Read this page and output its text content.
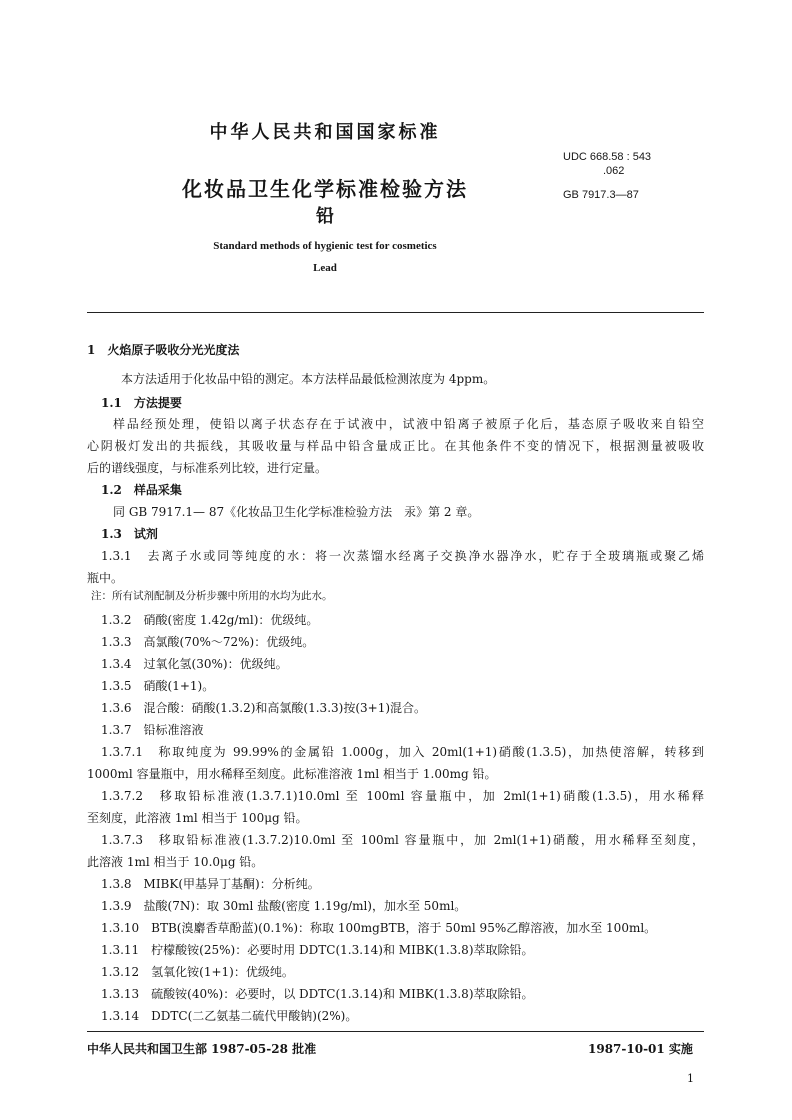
中华人民共和国国家标准
化妆品卫生化学标准检验方法
铅
Standard methods of hygienic test for cosmetics
Lead
UDC 668.58 : 543
.062
GB 7917.3—87
1　火焰原子吸收分光光度法
本方法适用于化妆品中铅的测定。本方法样品最低检测浓度为 4ppm。
1.1　方法提要
样品经预处理，使铅以离子状态存在于试液中，试液中铅离子被原子化后，基态原子吸收来自铅空
心阴极灯发出的共振线，其吸收量与样品中铅含量成正比。在其他条件不变的情况下，根据测量被吸收
后的谱线强度，与标准系列比较，进行定量。
1.2　样品采集
同 GB 7917.1— 87《化妆品卫生化学标准检验方法　汞》第 2 章。
1.3　试剂
1.3.1　去离子水或同等纯度的水：将一次蒸馏水经离子交换净水器净水，贮存于全玻璃瓶或聚乙烯
瓶中。
注：所有试剂配制及分析步骤中所用的水均为此水。
1.3.2　硝酸(密度 1.42g/ml)：优级纯。
1.3.3　高氯酸(70%～72%)：优级纯。
1.3.4　过氧化氢(30%)：优级纯。
1.3.5　硝酸(1+1)。
1.3.6　混合酸：硝酸(1.3.2)和高氯酸(1.3.3)按(3+1)混合。
1.3.7　铅标准溶液
1.3.7.1　称取纯度为 99.99%的金属铅 1.000g，加入 20ml(1+1)硝酸(1.3.5)，加热使溶解，转移到
1000ml 容量瓶中，用水稀释至刻度。此标准溶液 1ml 相当于 1.00mg 铅。
1.3.7.2　移取铅标准液(1.3.7.1)10.0ml 至 100ml 容量瓶中，加 2ml(1+1)硝酸(1.3.5)，用水稀释
至刻度，此溶液 1ml 相当于 100μg 铅。
1.3.7.3　移取铅标准液(1.3.7.2)10.0ml 至 100ml 容量瓶中，加 2ml(1+1)硝酸，用水稀释至刻度，
此溶液 1ml 相当于 10.0μg 铅。
1.3.8　MIBK(甲基异丁基酮)：分析纯。
1.3.9　盐酸(7N)：取 30ml 盐酸(密度 1.19g/ml)，加水至 50ml。
1.3.10　BTB(溴麝香草酚蓝)(0.1%)：称取 100mgBTB，溶于 50ml 95%乙醇溶液，加水至 100ml。
1.3.11　柠檬酸铵(25%)：必要时用 DDTC(1.3.14)和 MIBK(1.3.8)萃取除铅。
1.3.12　氢氧化铵(1+1)：优级纯。
1.3.13　硫酸铵(40%)：必要时，以 DDTC(1.3.14)和 MIBK(1.3.8)萃取除铅。
1.3.14　DDTC(二乙氨基二硫代甲酸钠)(2%)。
中华人民共和国卫生部 1987-05-28 批准	1987-10-01 实施
1
